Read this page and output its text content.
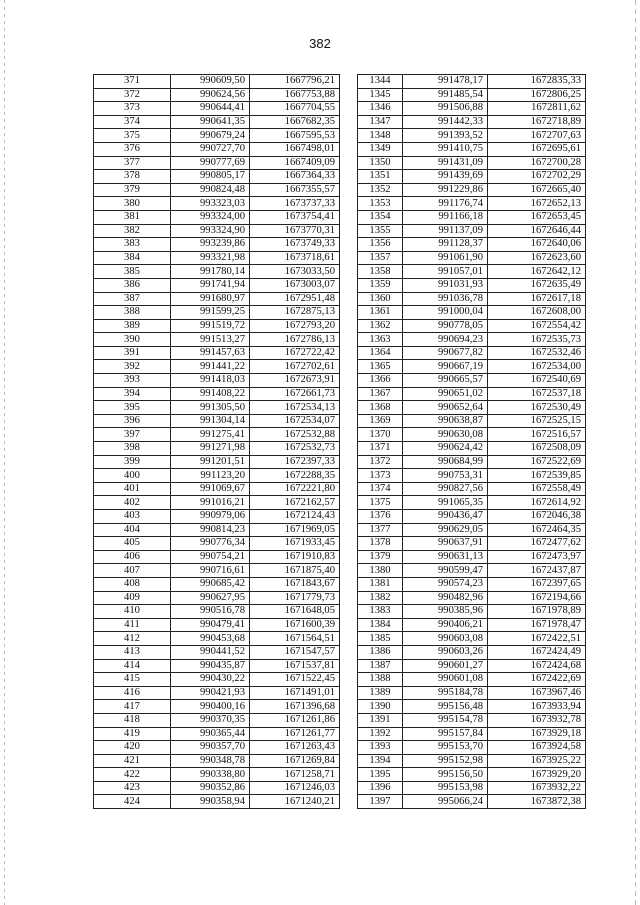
382
371	990609,50	1667796,21		1344	991478,17	1672835,33
372	990624,56	1667753,88		1345	991485,54	1672806,25
373	990644,41	1667704,55		1346	991506,88	1672811,62
374	990641,35	1667682,35		1347	991442,33	1672718,89
375	990679,24	1667595,53		1348	991393,52	1672707,63
376	990727,70	1667498,01		1349	991410,75	1672695,61
377	990777,69	1667409,09		1350	991431,09	1672700,28
378	990805,17	1667364,33		1351	991439,69	1672702,29
379	990824,48	1667355,57		1352	991229,86	1672665,40
380	993323,03	1673737,33		1353	991176,74	1672652,13
381	993324,00	1673754,41		1354	991166,18	1672653,45
382	993324,90	1673770,31		1355	991137,09	1672646,44
383	993239,86	1673749,33		1356	991128,37	1672640,06
384	993321,98	1673718,61		1357	991061,90	1672623,60
385	991780,14	1673033,50		1358	991057,01	1672642,12
386	991741,94	1673003,07		1359	991031,93	1672635,49
387	991680,97	1672951,48		1360	991036,78	1672617,18
388	991599,25	1672875,13		1361	991000,04	1672608,00
389	991519,72	1672793,20		1362	990778,05	1672554,42
390	991513,27	1672786,13		1363	990694,23	1672535,73
391	991457,63	1672722,42		1364	990677,82	1672532,46
392	991441,22	1672702,61		1365	990667,19	1672534,00
393	991418,03	1672673,91		1366	990665,57	1672540,69
394	991408,22	1672661,73		1367	990651,02	1672537,18
395	991305,50	1672534,13		1368	990652,64	1672530,49
396	991304,14	1672534,07		1369	990638,87	1672525,15
397	991275,41	1672532,88		1370	990630,08	1672516,57
398	991271,98	1672532,73		1371	990624,42	1672508,09
399	991201,51	1672397,33		1372	990684,99	1672522,69
400	991123,20	1672288,35		1373	990753,31	1672539,85
401	991069,67	1672221,80		1374	990827,56	1672558,49
402	991016,21	1672162,57		1375	991065,35	1672614,92
403	990979,06	1672124,43		1376	990436,47	1672046,38
404	990814,23	1671969,05		1377	990629,05	1672464,35
405	990776,34	1671933,45		1378	990637,91	1672477,62
406	990754,21	1671910,83		1379	990631,13	1672473,97
407	990716,61	1671875,40		1380	990599,47	1672437,87
408	990685,42	1671843,67		1381	990574,23	1672397,65
409	990627,95	1671779,73		1382	990482,96	1672194,66
410	990516,78	1671648,05		1383	990385,96	1671978,89
411	990479,41	1671600,39		1384	990406,21	1671978,47
412	990453,68	1671564,51		1385	990603,08	1672422,51
413	990441,52	1671547,57		1386	990603,26	1672424,49
414	990435,87	1671537,81		1387	990601,27	1672424,68
415	990430,22	1671522,45		1388	990601,08	1672422,69
416	990421,93	1671491,01		1389	995184,78	1673967,46
417	990400,16	1671396,68		1390	995156,48	1673933,94
418	990370,35	1671261,86		1391	995154,78	1673932,78
419	990365,44	1671261,77		1392	995157,84	1673929,18
420	990357,70	1671263,43		1393	995153,70	1673924,58
421	990348,78	1671269,84		1394	995152,98	1673925,22
422	990338,80	1671258,71		1395	995156,50	1673929,20
423	990352,86	1671246,03		1396	995153,98	1673932,22
424	990358,94	1671240,21		1397	995066,24	1673872,38
